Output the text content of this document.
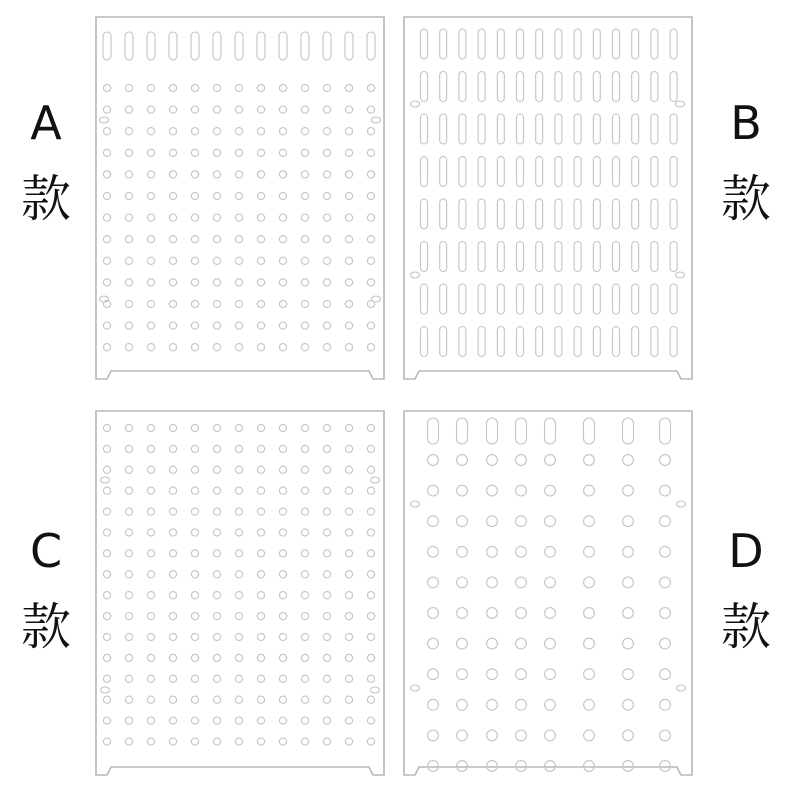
A
款
B
款
C
款
D
款
